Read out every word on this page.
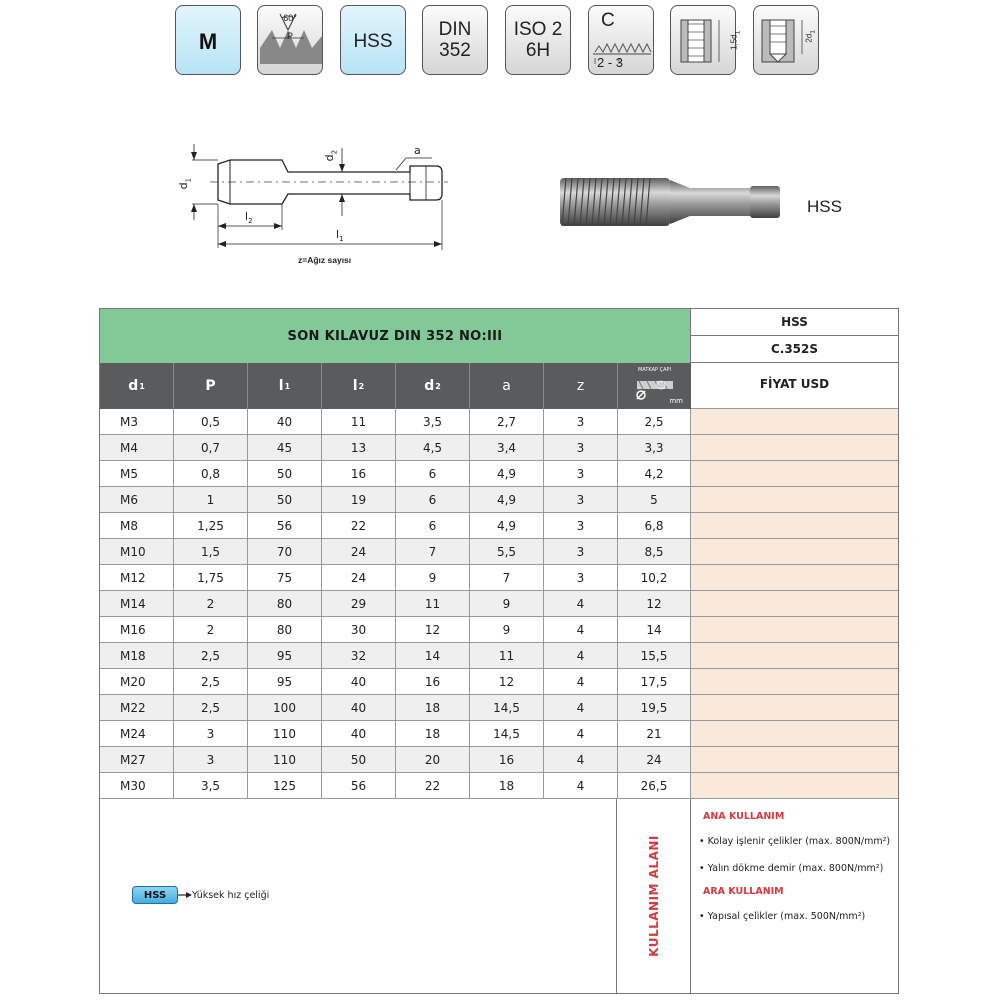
M
60°
P	HSS
DIN
352
ISO 2
6H
C
2 - 3
$1,5d_1$
$2d_1$
$d_1$
$d_2$	a
$l_2$
$l_1$
z=Ağız sayısı
HSS
SON KILAVUZ DIN 352 NO:III
HSS
C.352S
FİYAT USD
d 1	P	l 1	l 2	d 2	a	z
MATKAP ÇAPI
mm
M3	0,5	40	11	3,5	2,7	3	2,5
M4	0,7	45	13	4,5	3,4	3	3,3
M5	0,8	50	16	6	4,9	3	4,2
M6	1	50	19	6	4,9	3	5
M8	1,25	56	22	6	4,9	3	6,8
M10	1,5	70	24	7	5,5	3	8,5
M12	1,75	75	24	9	7	3	10,2
M14	2	80	29	11	9	4	12
M16	2	80	30	12	9	4	14
M18	2,5	95	32	14	11	4	15,5
M20	2,5	95	40	16	12	4	17,5
M22	2,5	100	40	18	14,5	4	19,5
M24	3	110	40	18	14,5	4	21
M27	3	110	50	20	16	4	24
M30	3,5	125	56	22	18	4	26,5
HSS	Yüksek hız çeliği	KULLANIM ALANI
ANA KULLANIM
• Kolay işlenir çelikler (max. 800N/mm²)
• Yalın dökme demir (max. 800N/mm²)
ARA KULLANIM
• Yapısal çelikler (max. 500N/mm²)
